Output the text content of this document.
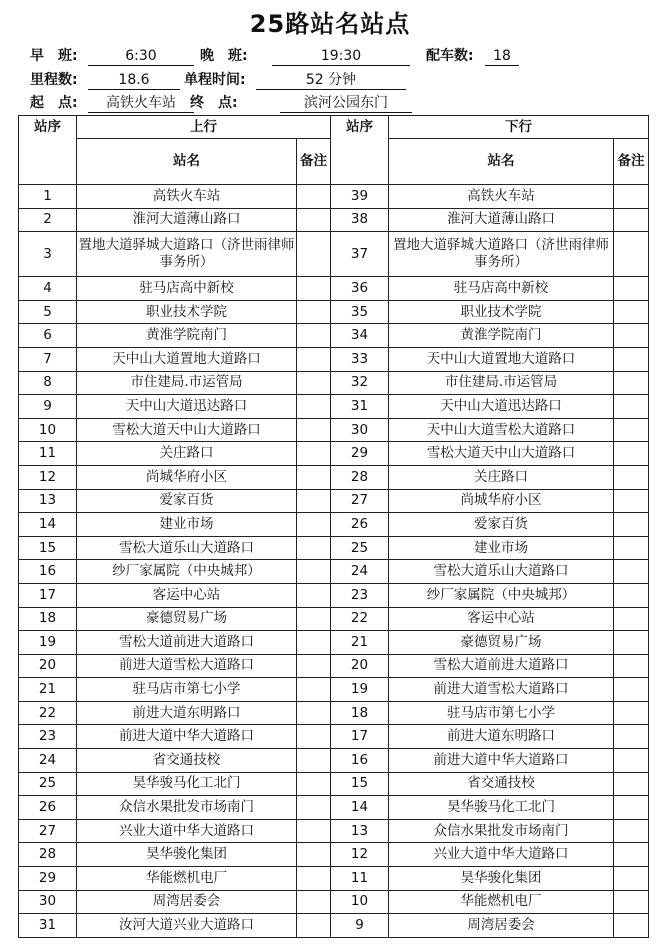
25路站名站点
早　班:	6:30	晚　班:	19:30	配车数:	18
里程数:	18.6	单程时间:	52 分钟
起　点:	高铁火车站	终　点:	滨河公园东门
站序	上行		站序	下行	
	站名	备注		站名	备注
1	高铁火车站		39	高铁火车站	
2	淮河大道薄山路口		38	淮河大道薄山路口	
3	置地大道驿城大道路口（济世雨律师事务所）		37	置地大道驿城大道路口（济世雨律师事务所）	
4	驻马店高中新校		36	驻马店高中新校	
5	职业技术学院		35	职业技术学院	
6	黄淮学院南门		34	黄淮学院南门	
7	天中山大道置地大道路口		33	天中山大道置地大道路口	
8	市住建局.市运管局		32	市住建局.市运管局	
9	天中山大道迅达路口		31	天中山大道迅达路口	
10	雪松大道天中山大道路口		30	天中山大道雪松大道路口	
11	关庄路口		29	雪松大道天中山大道路口	
12	尚城华府小区		28	关庄路口	
13	爱家百货		27	尚城华府小区	
14	建业市场		26	爱家百货	
15	雪松大道乐山大道路口		25	建业市场	
16	纱厂家属院（中央城邦）		24	雪松大道乐山大道路口	
17	客运中心站		23	纱厂家属院（中央城邦）	
18	豪德贸易广场		22	客运中心站	
19	雪松大道前进大道路口		21	豪德贸易广场	
20	前进大道雪松大道路口		20	雪松大道前进大道路口	
21	驻马店市第七小学		19	前进大道雪松大道路口	
22	前进大道东明路口		18	驻马店市第七小学	
23	前进大道中华大道路口		17	前进大道东明路口	
24	省交通技校		16	前进大道中华大道路口	
25	昊华骏马化工北门		15	省交通技校	
26	众信水果批发市场南门		14	昊华骏马化工北门	
27	兴业大道中华大道路口		13	众信水果批发市场南门	
28	昊华骏化集团		12	兴业大道中华大道路口	
29	华能燃机电厂		11	昊华骏化集团	
30	周湾居委会		10	华能燃机电厂	
31	汝河大道兴业大道路口		9	周湾居委会	
